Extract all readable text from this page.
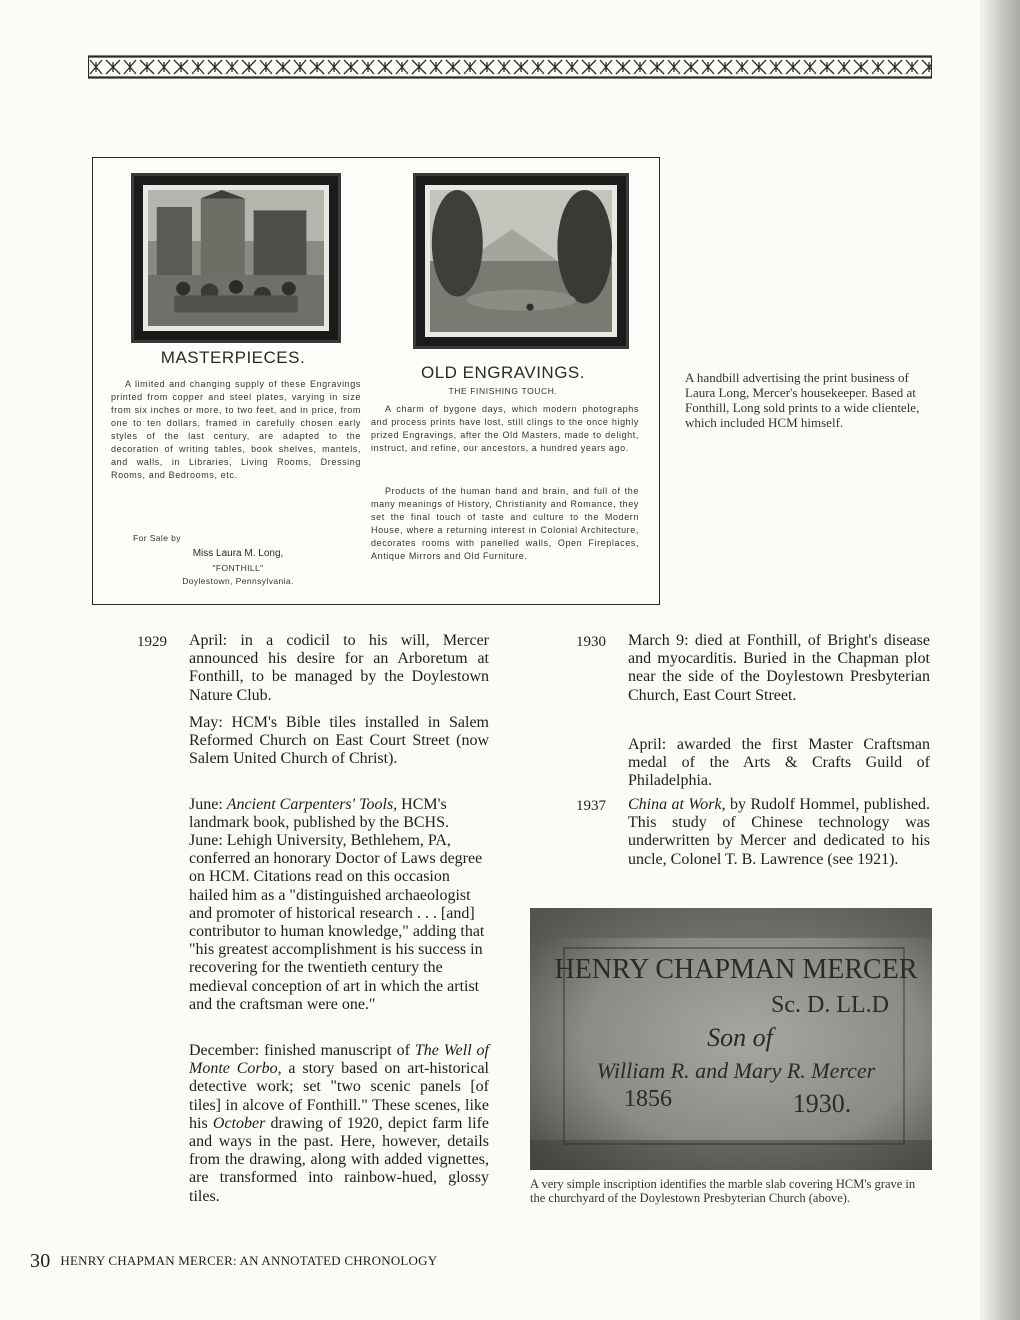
MASTERPIECES.

A limited and changing supply of these Engravings printed from copper and steel plates, varying in size from six inches or more, to two feet, and in price, from one to ten dollars, framed in carefully chosen early styles of the last century, are adapted to the decoration of writing tables, book shelves, mantels, and walls, in Libraries, Living Rooms, Dressing Rooms, and Bedrooms, etc.

For Sale by
Miss Laura M. Long,
"FONTHILL"
Doylestown, Pennsylvania.
OLD ENGRAVINGS.
THE FINISHING TOUCH.

A charm of bygone days, which modern photographs and process prints have lost, still clings to the once highly prized Engravings, after the Old Masters, made to delight, instruct, and refine, our ancestors, a hundred years ago.

Products of the human hand and brain, and full of the many meanings of History, Christianity and Romance, they set the final touch of taste and culture to the Modern House, where a returning interest in Colonial Architecture, decorates rooms with panelled walls, Open Fireplaces, Antique Mirrors and Old Furniture.

A handbill advertising the print business of Laura Long, Mercer's housekeeper. Based at Fonthill, Long sold prints to a wide clientele, which included HCM himself.

1929 April: in a codicil to his will, Mercer announced his desire for an Arboretum at Fonthill, to be managed by the Doylestown Nature Club.

May: HCM's Bible tiles installed in Salem Reformed Church on East Court Street (now Salem United Church of Christ).

June: Ancient Carpenters' Tools, HCM's landmark book, published by the BCHS.

June: Lehigh University, Bethlehem, PA, conferred an honorary Doctor of Laws degree on HCM. Citations read on this occasion hailed him as a "distinguished archaeologist and promoter of historical research . . . [and] contributor to human knowledge," adding that "his greatest accomplishment is his success in recovering for the twentieth century the medieval conception of art in which the artist and the craftsman were one."

December: finished manuscript of The Well of Monte Corbo, a story based on art-historical detective work; set "two scenic panels [of tiles] in alcove of Fonthill." These scenes, like his October drawing of 1920, depict farm life and ways in the past. Here, however, details from the drawing, along with added vignettes, are transformed into rainbow-hued, glossy tiles.

1930 March 9: died at Fonthill, of Bright's disease and myocarditis. Buried in the Chapman plot near the side of the Doylestown Presbyterian Church, East Court Street.

April: awarded the first Master Craftsman medal of the Arts & Crafts Guild of Philadelphia.

1937 China at Work, by Rudolf Hommel, published. This study of Chinese technology was underwritten by Mercer and dedicated to his uncle, Colonel T. B. Lawrence (see 1921).

HENRY CHAPMAN MERCER
Sc. D. LL.D
Son of
William R. and Mary R. Mercer
1856	1930.

A very simple inscription identifies the marble slab covering HCM's grave in the churchyard of the Doylestown Presbyterian Church (above).

30 HENRY CHAPMAN MERCER: AN ANNOTATED CHRONOLOGY
